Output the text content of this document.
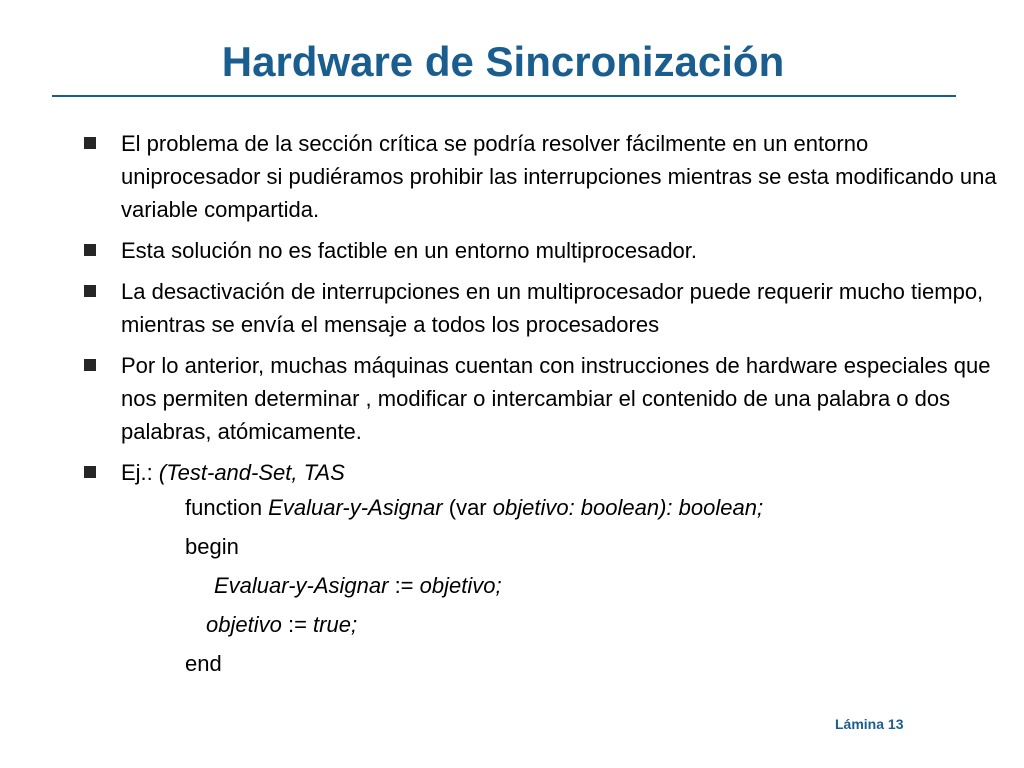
Hardware de Sincronización
El problema de la sección crítica se podría resolver fácilmente en un entorno uniprocesador si pudiéramos prohibir las interrupciones mientras se esta modificando una variable compartida.
Esta solución no es factible en un entorno multiprocesador.
La desactivación de interrupciones en un multiprocesador puede requerir mucho tiempo, mientras se envía el mensaje a todos los procesadores
Por lo anterior, muchas máquinas cuentan con instrucciones de hardware especiales que nos permiten determinar , modificar o intercambiar el contenido de una palabra o dos palabras, atómicamente.
Ej.: (Test-and-Set, TAS
function Evaluar-y-Asignar (var objetivo: boolean): boolean;
begin
Evaluar-y-Asignar := objetivo;
objetivo := true;
end
Lámina 13
